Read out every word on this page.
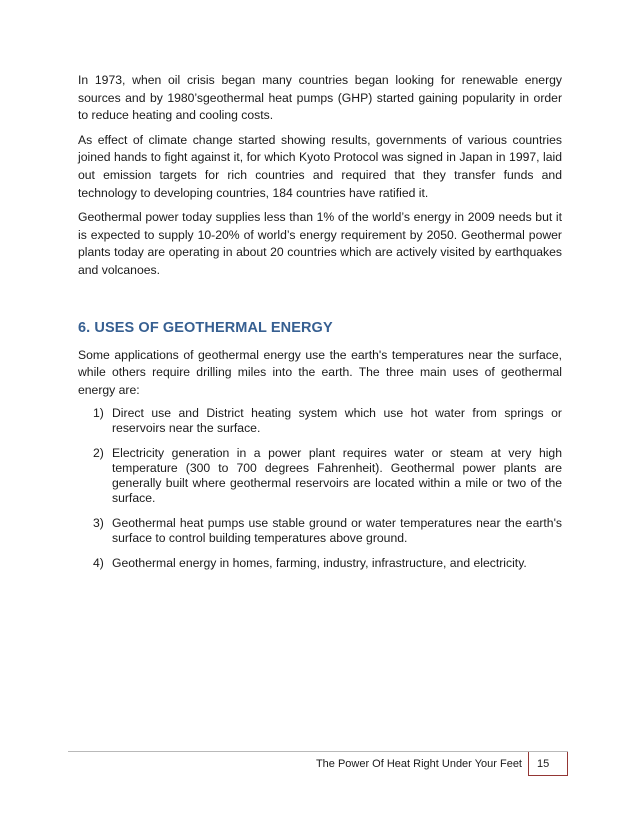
In 1973, when oil crisis began many countries began looking for renewable energy sources and by 1980’sgeothermal heat pumps (GHP) started gaining popularity in order to reduce heating and cooling costs.

As effect of climate change started showing results, governments of various countries joined hands to fight against it, for which Kyoto Protocol was signed in Japan in 1997, laid out emission targets for rich countries and required that they transfer funds and technology to developing countries, 184 countries have ratified it.

Geothermal power today supplies less than 1% of the world’s energy in 2009 needs but it is expected to supply 10-20% of world’s energy requirement by 2050. Geothermal power plants today are operating in about 20 countries which are actively visited by earthquakes and volcanoes.

6. USES OF GEOTHERMAL ENERGY

Some applications of geothermal energy use the earth's temperatures near the surface, while others require drilling miles into the earth. The three main uses of geothermal energy are:

1) Direct use and District heating system which use hot water from springs or reservoirs near the surface.
2) Electricity generation in a power plant requires water or steam at very high temperature (300 to 700 degrees Fahrenheit). Geothermal power plants are generally built where geothermal reservoirs are located within a mile or two of the surface.
3) Geothermal heat pumps use stable ground or water temperatures near the earth's surface to control building temperatures above ground.
4) Geothermal energy in homes, farming, industry, infrastructure, and electricity.
The Power Of Heat Right Under Your Feet	15
